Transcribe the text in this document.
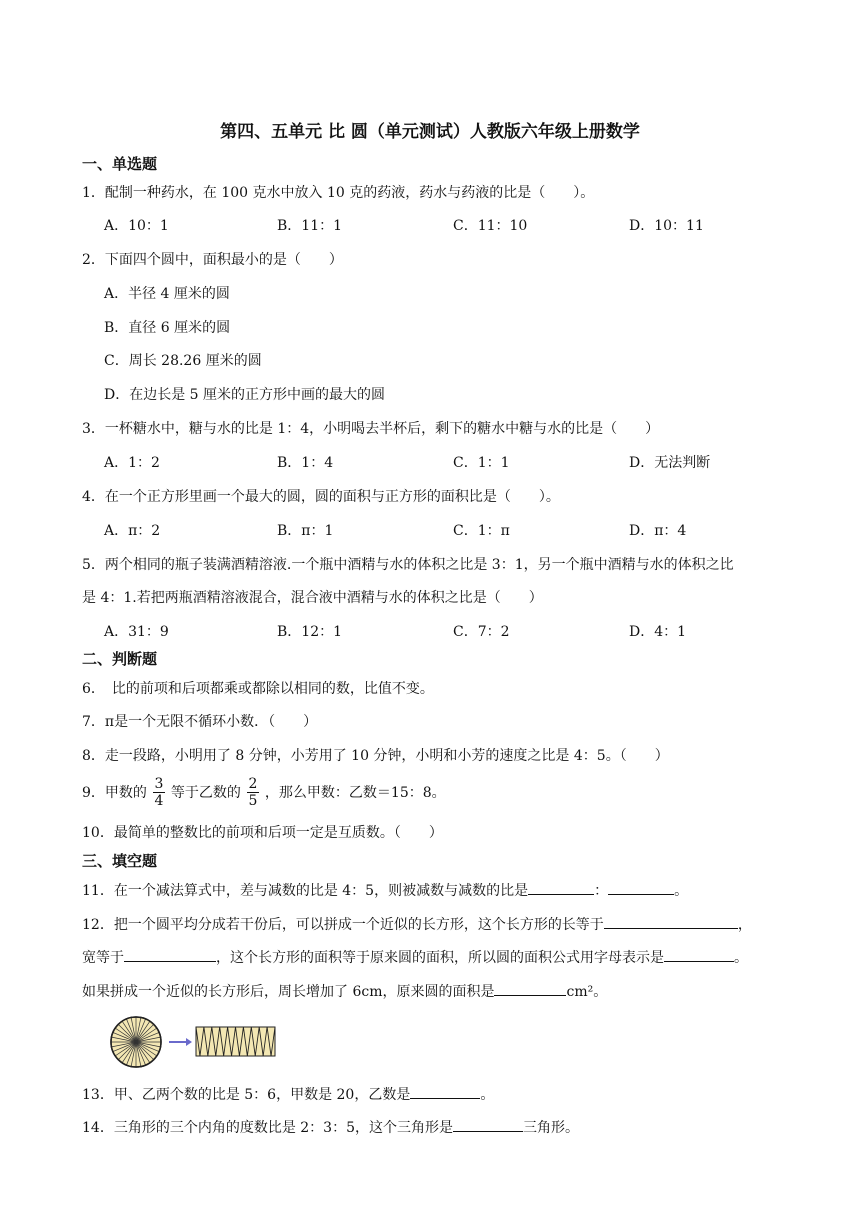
第四、五单元 比 圆（单元测试）人教版六年级上册数学
一、单选题
1．配制一种药水，在 100 克水中放入 10 克的药液，药水与药液的比是（　　）。
A．10：1	B．11：1	C．11：10	D．10：11
2．下面四个圆中，面积最小的是（　　）
A．半径 4 厘米的圆
B．直径 6 厘米的圆
C．周长 28.26 厘米的圆
D．在边长是 5 厘米的正方形中画的最大的圆
3．一杯糖水中，糖与水的比是 1：4，小明喝去半杯后，剩下的糖水中糖与水的比是（　　）
A．1：2	B．1：4	C．1：1	D．无法判断
4．在一个正方形里画一个最大的圆，圆的面积与正方形的面积比是（　　）。
A．π：2	B．π：1	C．1：π	D．π：4
5．两个相同的瓶子装满酒精溶液.一个瓶中酒精与水的体积之比是 3：1，另一个瓶中酒精与水的体积之比
是 4：1.若把两瓶酒精溶液混合，混合液中酒精与水的体积之比是（　　）
A．31：9	B．12：1	C．7：2	D．4：1
二、判断题
6．　比的前项和后项都乘或都除以相同的数，比值不变。
7．π是一个无限不循环小数．（　　）
8．走一段路，小明用了 8 分钟，小芳用了 10 分钟，小明和小芳的速度之比是 4：5。（　　）
9．甲数的 $\frac{3}{4}$ 等于乙数的 $\frac{2}{5}$ ，那么甲数：乙数＝15：8。
10．最简单的整数比的前项和后项一定是互质数。（　　）
三、填空题
11．在一个减法算式中，差与减数的比是 4：5，则被减数与减数的比是	：	。
12．把一个圆平均分成若干份后，可以拼成一个近似的长方形，这个长方形的长等于	，
宽等于	，这个长方形的面积等于原来圆的面积，所以圆的面积公式用字母表示是	。
如果拼成一个近似的长方形后，周长增加了 6cm，原来圆的面积是	cm²。
13．甲、乙两个数的比是 5：6，甲数是 20，乙数是	。
14．三角形的三个内角的度数比是 2：3：5，这个三角形是	三角形。
